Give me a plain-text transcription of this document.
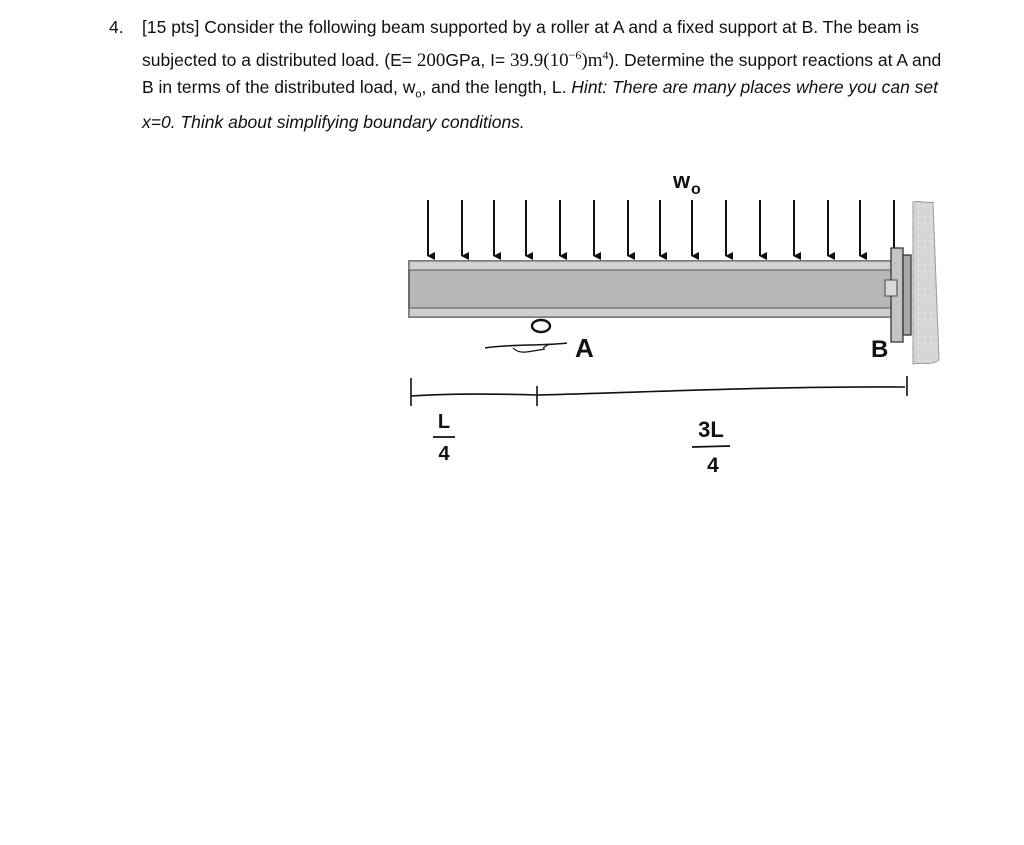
4. [15 pts] Consider the following beam supported by a roller at A and a fixed support at B. The beam is subjected to a distributed load. (E= 200GPa, $I= 39.9(10^{-6})m^4$). Determine the support reactions at A and B in terms of the distributed load, $w_o$, and the length, L. Hint: There are many places where you can set x=0. Think about simplifying boundary conditions.
w o
A	B
L
4
3L
4
